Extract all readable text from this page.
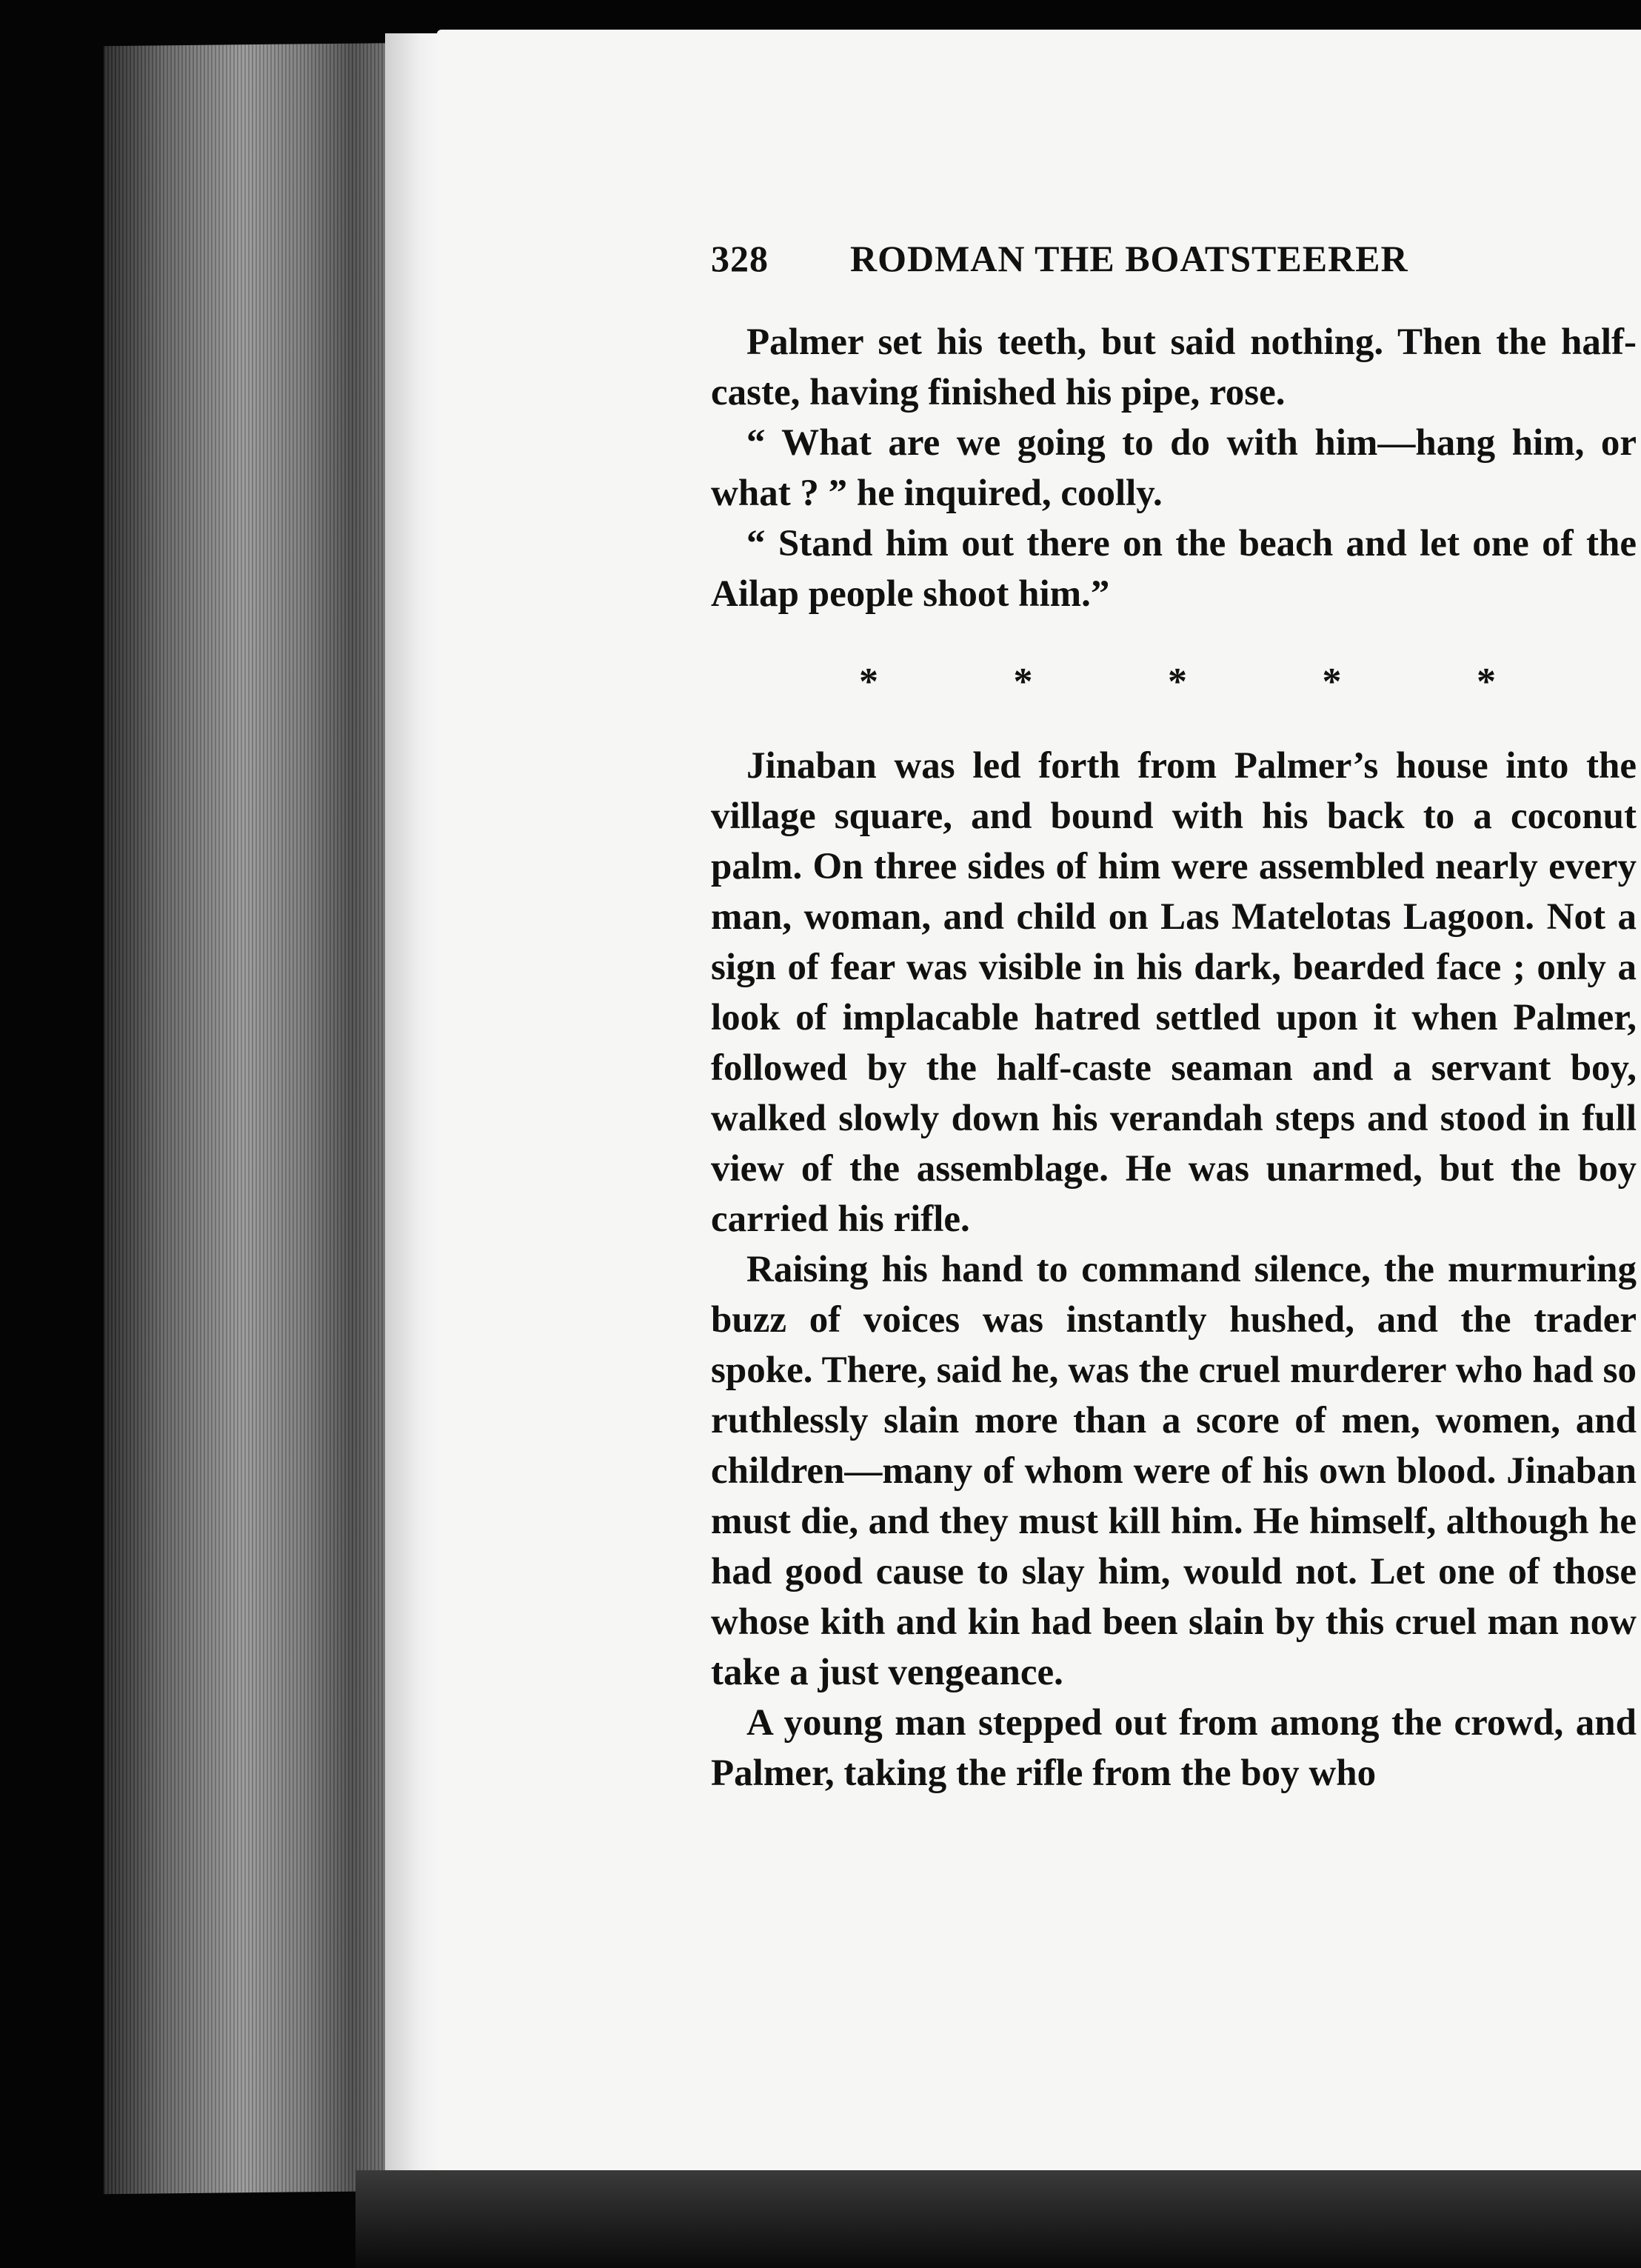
328 RODMAN THE BOATSTEERER

Palmer set his teeth, but said nothing. Then the half-caste, having finished his pipe, rose.

“ What are we going to do with him—hang him, or what ? ” he inquired, coolly.

“ Stand him out there on the beach and let one of the Ailap people shoot him.”

*	*	*	*	*

Jinaban was led forth from Palmer’s house into the village square, and bound with his back to a coconut palm. On three sides of him were assembled nearly every man, woman, and child on Las Matelotas Lagoon. Not a sign of fear was visible in his dark, bearded face ; only a look of implacable hatred settled upon it when Palmer, followed by the half-caste seaman and a servant boy, walked slowly down his verandah steps and stood in full view of the assemblage. He was unarmed, but the boy carried his rifle.

Raising his hand to command silence, the murmuring buzz of voices was instantly hushed, and the trader spoke. There, said he, was the cruel murderer who had so ruthlessly slain more than a score of men, women, and children—many of whom were of his own blood. Jinaban must die, and they must kill him. He himself, although he had good cause to slay him, would not. Let one of those whose kith and kin had been slain by this cruel man now take a just vengeance.

A young man stepped out from among the crowd, and Palmer, taking the rifle from the boy who
